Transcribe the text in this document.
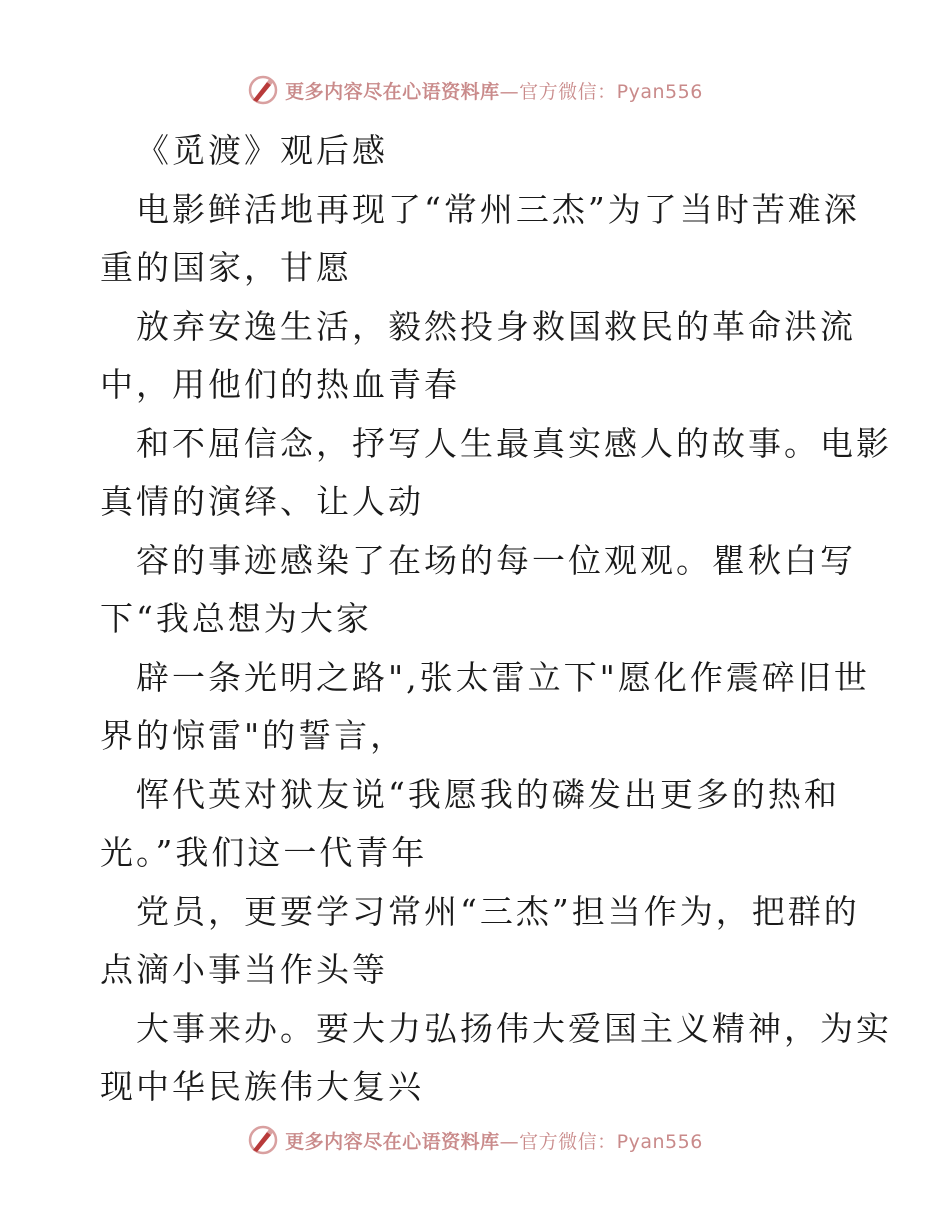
更多内容尽在心语资料库—官方微信：Pyan556
《觅渡》观后感
电影鲜活地再现了“常州三杰”为了当时苦难深
重的国家，甘愿
放弃安逸生活，毅然投身救国救民的革命洪流
中，用他们的热血青春
和不屈信念，抒写人生最真实感人的故事。电影
真情的演绎、让人动
容的事迹感染了在场的每一位观观。瞿秋白写
下“我总想为大家
辟一条光明之路",张太雷立下"愿化作震碎旧世
界的惊雷"的誓言，
恽代英对狱友说“我愿我的磷发出更多的热和
光。”我们这一代青年
党员，更要学习常州“三杰”担当作为，把群的
点滴小事当作头等
大事来办。要大力弘扬伟大爱国主义精神，为实
现中华民族伟大复兴
更多内容尽在心语资料库—官方微信：Pyan556
